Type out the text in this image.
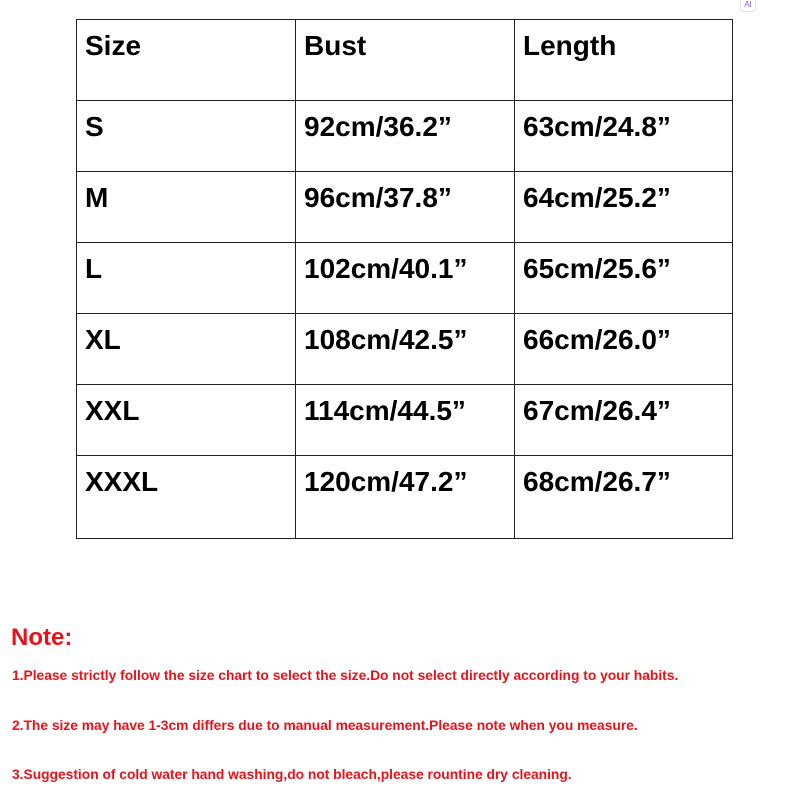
AI
Size	Bust	Length
S	92cm/36.2”	63cm/24.8”
M	96cm/37.8”	64cm/25.2”
L	102cm/40.1”	65cm/25.6”
XL	108cm/42.5”	66cm/26.0”
XXL	114cm/44.5”	67cm/26.4”
XXXL	120cm/47.2”	68cm/26.7”
Note:
1.Please strictly follow the size chart to select the size.Do not select directly according to your habits.
2.The size may have 1-3cm differs due to manual measurement.Please note when you measure.
3.Suggestion of cold water hand washing,do not bleach,please rountine dry cleaning.
